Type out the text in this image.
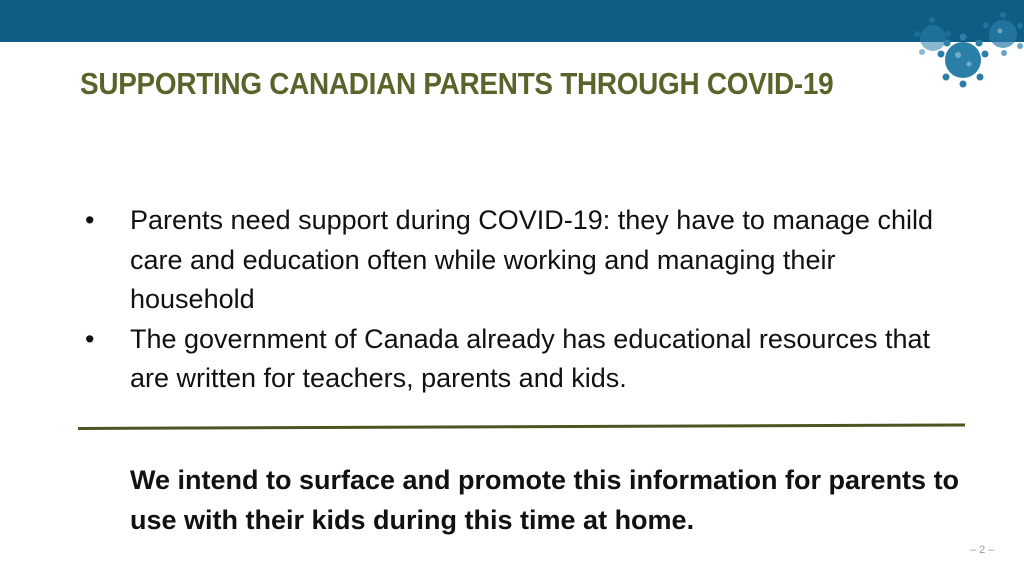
SUPPORTING CANADIAN PARENTS THROUGH COVID-19
• Parents need support during COVID-19: they have to manage child care and education often while working and managing their household
• The government of Canada already has educational resources that are written for teachers, parents and kids.

We intend to surface and promote this information for parents to use with their kids during this time at home.

– 2 –
